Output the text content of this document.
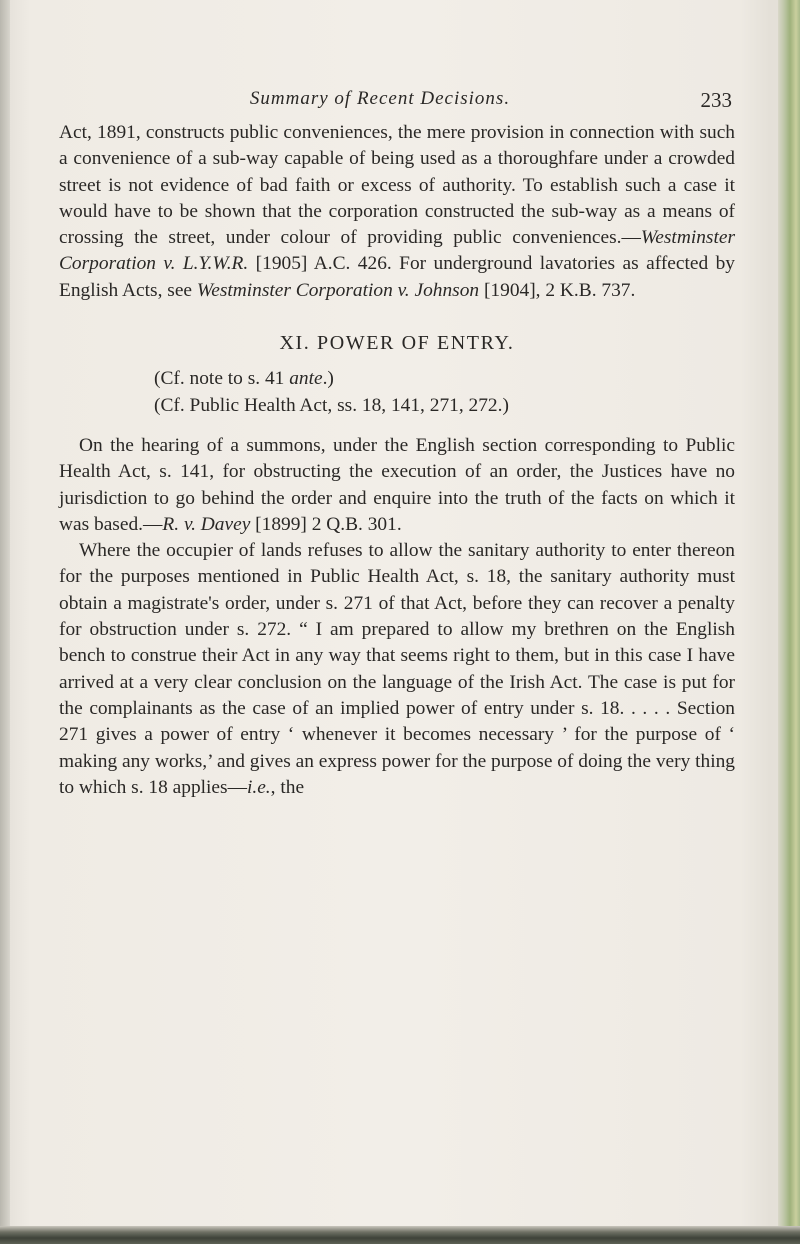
Summary of Recent Decisions.	233

Act, 1891, constructs public conveniences, the mere provision in connection with such a convenience of a sub-way capable of being used as a thoroughfare under a crowded street is not evidence of bad faith or excess of authority. To establish such a case it would have to be shown that the corporation constructed the sub-way as a means of crossing the street, under colour of providing public conveniences.—Westminster Corporation v. L.Y.W.R. [1905] A.C. 426. For underground lavatories as affected by English Acts, see Westminster Corporation v. Johnson [1904], 2 K.B. 737.

XI. POWER OF ENTRY.

(Cf. note to s. 41 ante.)

(Cf. Public Health Act, ss. 18, 141, 271, 272.)

On the hearing of a summons, under the English section corresponding to Public Health Act, s. 141, for obstructing the execution of an order, the Justices have no jurisdiction to go behind the order and enquire into the truth of the facts on which it was based.—R. v. Davey [1899] 2 Q.B. 301.

Where the occupier of lands refuses to allow the sanitary authority to enter thereon for the purposes mentioned in Public Health Act, s. 18, the sanitary authority must obtain a magistrate's order, under s. 271 of that Act, before they can recover a penalty for obstruction under s. 272. “ I am prepared to allow my brethren on the English bench to construe their Act in any way that seems right to them, but in this case I have arrived at a very clear conclusion on the language of the Irish Act. The case is put for the complainants as the case of an implied power of entry under s. 18. . . . . Section 271 gives a power of entry ‘ whenever it becomes necessary ’ for the purpose of ‘ making any works,’ and gives an express power for the purpose of doing the very thing to which s. 18 applies—i.e., the
